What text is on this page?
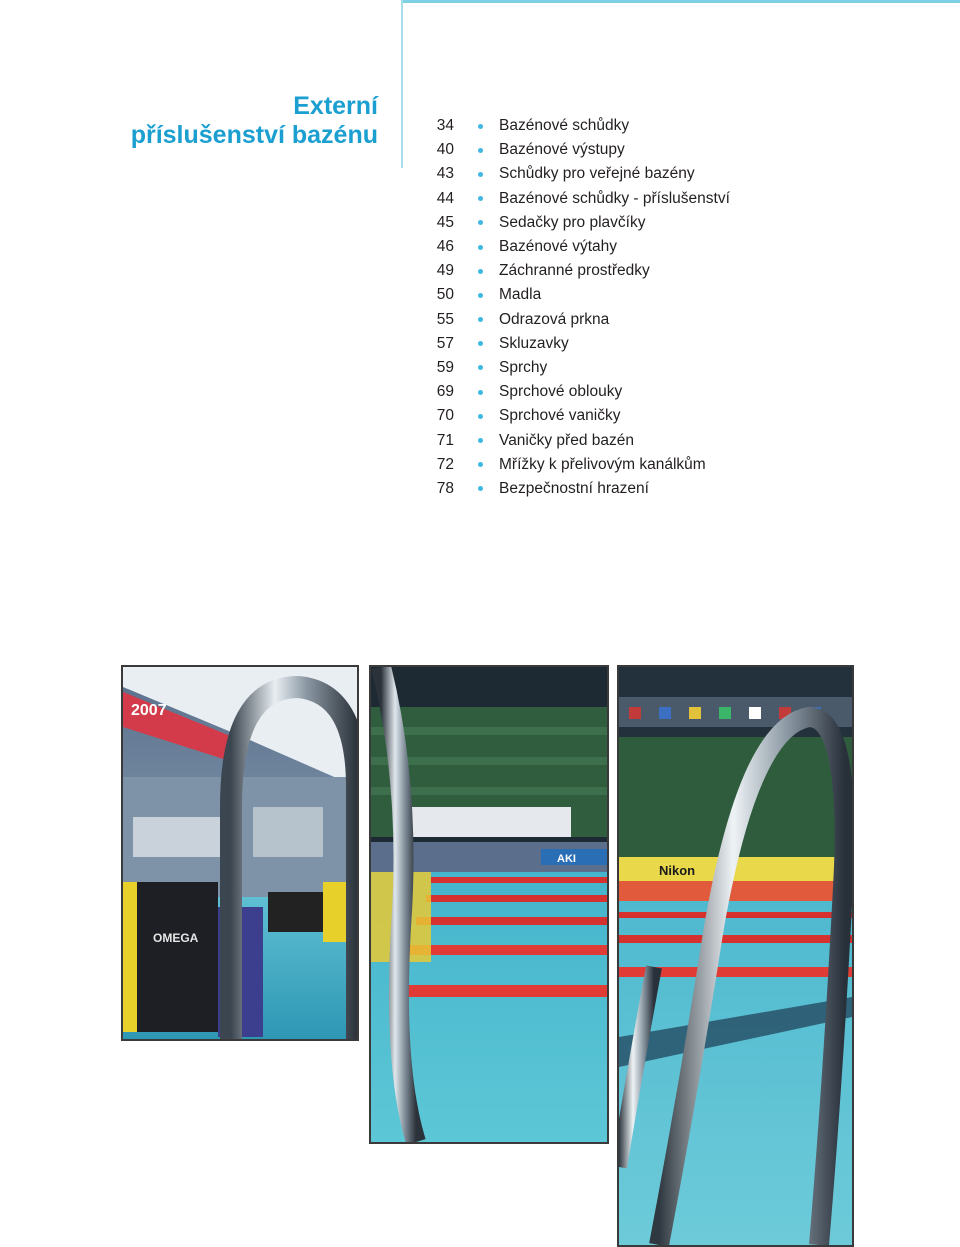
Externí
příslušenství bazénu	34	Bazénové schůdky
40	Bazénové výstupy
43	Schůdky pro veřejné bazény
44	Bazénové schůdky - příslušenství
45	Sedačky pro plavčíky
46	Bazénové výtahy
49	Záchranné prostředky
50	Madla
55	Odrazová prkna
57	Skluzavky
59	Sprchy
69	Sprchové oblouky
70	Sprchové vaničky
71	Vaničky před bazén
72	Mřížky k přelivovým kanálkům
78	Bezpečnostní hrazení
2007
OMEGA
AKI
Nikon
